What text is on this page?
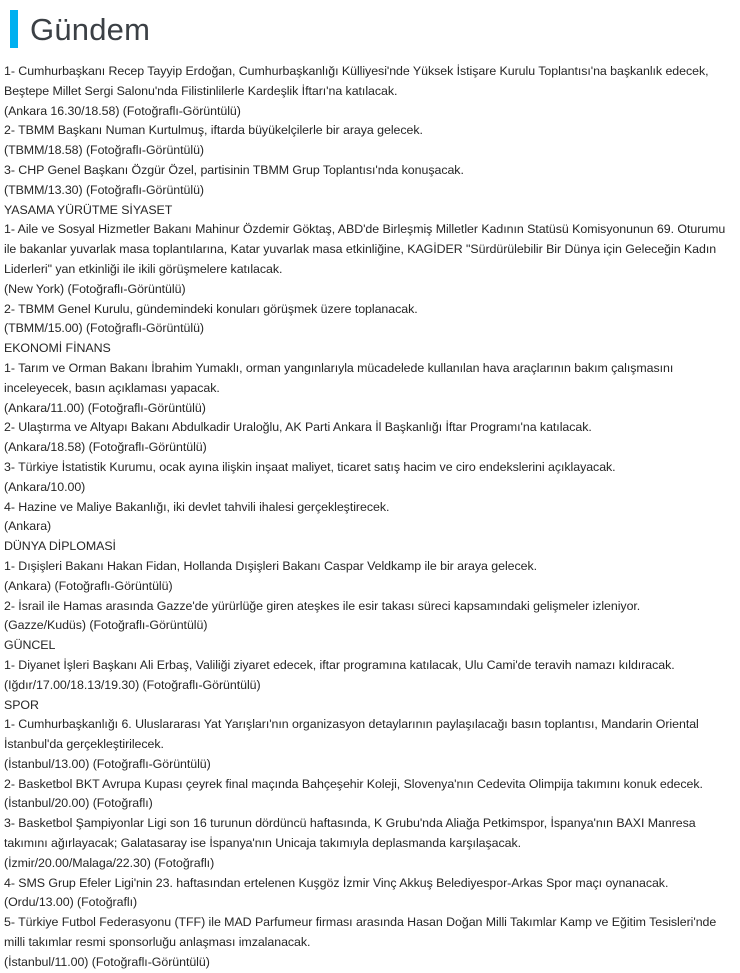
Gündem

1- Cumhurbaşkanı Recep Tayyip Erdoğan, Cumhurbaşkanlığı Külliyesi'nde Yüksek İstişare Kurulu Toplantısı'na başkanlık edecek, Beştepe Millet Sergi Salonu'nda Filistinlilerle Kardeşlik İftarı'na katılacak.

(Ankara 16.30/18.58) (Fotoğraflı-Görüntülü)

2- TBMM Başkanı Numan Kurtulmuş, iftarda büyükelçilerle bir araya gelecek.

(TBMM/18.58) (Fotoğraflı-Görüntülü)

3- CHP Genel Başkanı Özgür Özel, partisinin TBMM Grup Toplantısı'nda konuşacak.

(TBMM/13.30) (Fotoğraflı-Görüntülü)

YASAMA YÜRÜTME SİYASET

1- Aile ve Sosyal Hizmetler Bakanı Mahinur Özdemir Göktaş, ABD'de Birleşmiş Milletler Kadının Statüsü Komisyonunun 69. Oturumu ile bakanlar yuvarlak masa toplantılarına, Katar yuvarlak masa etkinliğine, KAGİDER "Sürdürülebilir Bir Dünya için Geleceğin Kadın Liderleri" yan etkinliği ile ikili görüşmelere katılacak.

(New York) (Fotoğraflı-Görüntülü)

2- TBMM Genel Kurulu, gündemindeki konuları görüşmek üzere toplanacak.

(TBMM/15.00) (Fotoğraflı-Görüntülü)

EKONOMİ FİNANS

1- Tarım ve Orman Bakanı İbrahim Yumaklı, orman yangınlarıyla mücadelede kullanılan hava araçlarının bakım çalışmasını inceleyecek, basın açıklaması yapacak.

(Ankara/11.00) (Fotoğraflı-Görüntülü)

2- Ulaştırma ve Altyapı Bakanı Abdulkadir Uraloğlu, AK Parti Ankara İl Başkanlığı İftar Programı'na katılacak.

(Ankara/18.58) (Fotoğraflı-Görüntülü)

3- Türkiye İstatistik Kurumu, ocak ayına ilişkin inşaat maliyet, ticaret satış hacim ve ciro endekslerini açıklayacak.

(Ankara/10.00)

4- Hazine ve Maliye Bakanlığı, iki devlet tahvili ihalesi gerçekleştirecek.

(Ankara)

DÜNYA DİPLOMASİ

1- Dışişleri Bakanı Hakan Fidan, Hollanda Dışişleri Bakanı Caspar Veldkamp ile bir araya gelecek.

(Ankara) (Fotoğraflı-Görüntülü)

2- İsrail ile Hamas arasında Gazze'de yürürlüğe giren ateşkes ile esir takası süreci kapsamındaki gelişmeler izleniyor.

(Gazze/Kudüs) (Fotoğraflı-Görüntülü)

GÜNCEL

1- Diyanet İşleri Başkanı Ali Erbaş, Valiliği ziyaret edecek, iftar programına katılacak, Ulu Cami'de teravih namazı kıldıracak.

(Iğdır/17.00/18.13/19.30) (Fotoğraflı-Görüntülü)

SPOR

1- Cumhurbaşkanlığı 6. Uluslararası Yat Yarışları'nın organizasyon detaylarının paylaşılacağı basın toplantısı, Mandarin Oriental İstanbul'da gerçekleştirilecek.

(İstanbul/13.00) (Fotoğraflı-Görüntülü)

2- Basketbol BKT Avrupa Kupası çeyrek final maçında Bahçeşehir Koleji, Slovenya'nın Cedevita Olimpija takımını konuk edecek.

(İstanbul/20.00) (Fotoğraflı)

3- Basketbol Şampiyonlar Ligi son 16 turunun dördüncü haftasında, K Grubu'nda Aliağa Petkimspor, İspanya'nın BAXI Manresa takımını ağırlayacak; Galatasaray ise İspanya'nın Unicaja takımıyla deplasmanda karşılaşacak.

(İzmir/20.00/Malaga/22.30) (Fotoğraflı)

4- SMS Grup Efeler Ligi'nin 23. haftasından ertelenen Kuşgöz İzmir Vinç Akkuş Belediyespor-Arkas Spor maçı oynanacak.

(Ordu/13.00) (Fotoğraflı)

5- Türkiye Futbol Federasyonu (TFF) ile MAD Parfumeur firması arasında Hasan Doğan Milli Takımlar Kamp ve Eğitim Tesisleri'nde milli takımlar resmi sponsorluğu anlaşması imzalanacak.

(İstanbul/11.00) (Fotoğraflı-Görüntülü)
